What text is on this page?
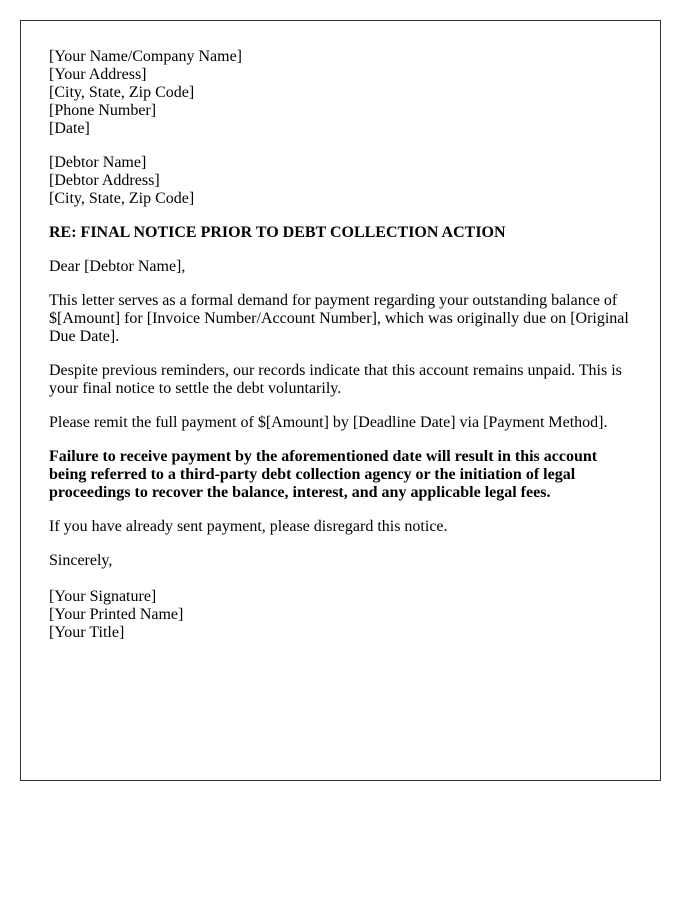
[Your Name/Company Name]
[Your Address]
[City, State, Zip Code]
[Phone Number]
[Date]
[Debtor Name]
[Debtor Address]
[City, State, Zip Code]
RE: FINAL NOTICE PRIOR TO DEBT COLLECTION ACTION
Dear [Debtor Name],
This letter serves as a formal demand for payment regarding your outstanding balance of $[Amount] for [Invoice Number/Account Number], which was originally due on [Original Due Date].
Despite previous reminders, our records indicate that this account remains unpaid. This is your final notice to settle the debt voluntarily.
Please remit the full payment of $[Amount] by [Deadline Date] via [Payment Method].
Failure to receive payment by the aforementioned date will result in this account being referred to a third-party debt collection agency or the initiation of legal proceedings to recover the balance, interest, and any applicable legal fees.
If you have already sent payment, please disregard this notice.
Sincerely,
[Your Signature]
[Your Printed Name]
[Your Title]
